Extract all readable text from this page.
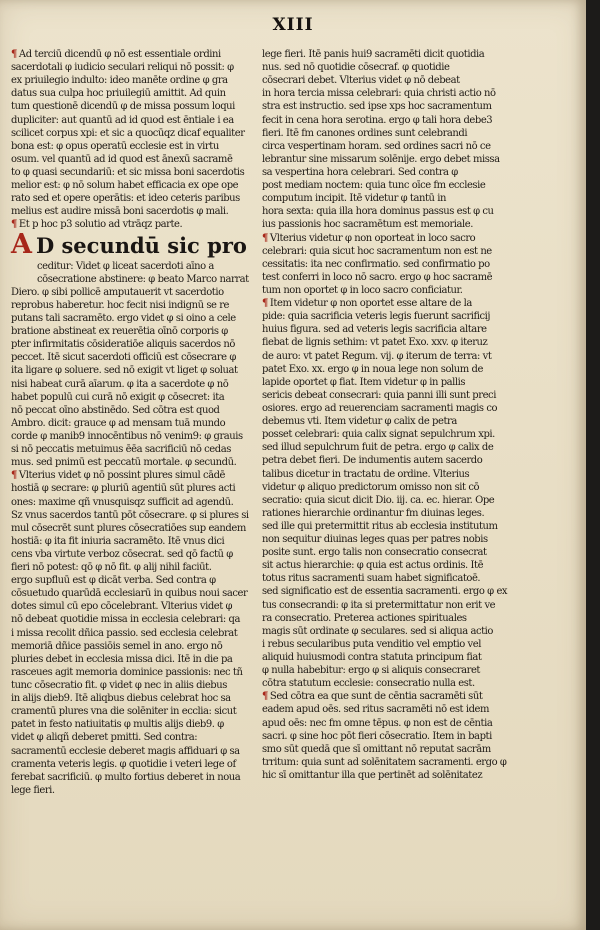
XIII
¶ Ad terciū dicendū φ nō est essentiale ordini
sacerdotali φ iudicio seculari reliqui nō possit: φ
ex priuilegio indulto: ideo manēte ordine φ gra
datus sua culpa hoc priuilegiū amittit. Ad quin
tum questionē dicendū φ de missa possum loqui
dupliciter: aut quantū ad id quod est ēntiale i ea
scilicet corpus xpi: et sic a quocūqz dicaf equaliter
bona est: φ opus operatū ecclesie est in virtu
osum. vel quantū ad id quod est ānexū sacramē
to φ quasi secundariū: et sic missa boni sacerdotis
melior est: φ nō solum habet efficacia ex ope ope
rato sed et opere operātis: et ideo ceteris paribus
melius est audire missā boni sacerdotis φ mali.
¶ Et p hoc p3 solutio ad vtrāqz parte.
A D secundū sic pro
ceditur: Videt φ liceat sacerdoti aīno a
cōsecratione abstinere: φ beato Marco narrat
Diero. φ sibi pollicē amputauerit vt sacerdotio
reprobus haberetur. hoc fecit nisi indignū se re
putans tali sacramēto. ergo videt φ si oino a cele
bratione abstineat ex reuerētia oīnō corporis φ
pter infirmitatis cōsideratiōe aliquis sacerdos nō
peccet. Itē sicut sacerdoti officiū est cōsecrare φ
ita ligare φ soluere. sed nō exigit vt liget φ soluat
nisi habeat curā aīarum. φ ita a sacerdote φ nō
habet populū cui curā nō exigit φ cōsecret: ita
nō peccat oīno abstinēdo. Sed cōtra est quod
Ambro. dicit: grauce φ ad mensam tuā mundo
corde φ manib9 innocēntibus nō venim9: φ grauis
si nō peccatis metuimus ēēa sacrificiū nō cedas
mus. sed pnimū est peccatū mortale. φ secundū.
¶ Vlterius videt φ nō possint plures simul cādē
hostiā φ secrare: φ pluriū agentiū sūt plures acti
ones: maxime qñ vnusquisqz sufficit ad agendū.
Sz vnus sacerdos tantū pōt cōsecrare. φ si plures si
mul cōsecrēt sunt plures cōsecratiōes sup eandem
hostiā: φ ita fit iniuria sacramēto. Itē vnus dici
cens vba virtute verboz cōsecrat. sed qō factū φ
fieri nō potest: qō φ nō fit. φ alij nihil faciūt.
ergo supfluū est φ dicāt verba. Sed contra φ
cōsuetudo quarūdā ecclesiarū in quibus noui sacer
dotes simul cū epo cōcelebrant. Vlterius videt φ
nō debeat quotidie missa in ecclesia celebrari: qa
i missa recolit dñica passio. sed ecclesia celebrat
memoriā dñice passiōis semel in ano. ergo nō
pluries debet in ecclesia missa dici. Itē in die pa
rasceues agit memoria dominice passionis: nec tñ
tunc cōsecratio fit. φ videt φ nec in aliis diebus
in alijs dieb9. Itē aliqbus diebus celebrat hoc sa
cramentū plures vna die solēniter in ecclia: sicut
patet in festo natiuitatis φ multis alijs dieb9. φ
videt φ aliqñ deberet pmitti. Sed contra:
sacramentū ecclesie deberet magis affiduari φ sa
cramenta veteris legis. φ quotidie i veteri lege of
ferebat sacrificiū. φ multo fortius deberet in noua
lege fieri.
lege fieri. Itē panis hui9 sacramēti dicit quotidia
nus. sed nō quotidie cōsecraf. φ quotidie
cōsecrari debet. Vlterius videt φ nō debeat
in hora tercia missa celebrari: quia christi actio nō
stra est instructio. sed ipse xps hoc sacramentum
fecit in cena hora serotina. ergo φ tali hora debe3
fieri. Itē fm canones ordines sunt celebrandi
circa vespertinam horam. sed ordines sacri nō ce
lebrantur sine missarum solēnije. ergo debet missa
sa vespertina hora celebrari. Sed contra φ
post mediam noctem: quia tunc oīce fm ecclesie
computum incipit. Itē videtur φ tantū in
hora sexta: quia illa hora dominus passus est φ cu
ius passionis hoc sacramētum est memoriale.
¶ Vlterius videtur φ non oporteat in loco sacro
celebrari: quia sicut hoc sacramentum non est ne
cessitatis: ita nec confirmatio. sed confirmatio po
test conferri in loco nō sacro. ergo φ hoc sacramē
tum non oportet φ in loco sacro conficiatur.
¶ Item videtur φ non oportet esse altare de la
pide: quia sacrificia veteris legis fuerunt sacrificij
huius figura. sed ad veteris legis sacrificia altare
fiebat de lignis sethim: vt patet Exo. xxv. φ iteruz
de auro: vt patet Regum. vij. φ iterum de terra: vt
patet Exo. xx. ergo φ in noua lege non solum de
lapide oportet φ fiat. Item videtur φ in pallis
sericis debeat consecrari: quia panni illi sunt preci
osiores. ergo ad reuerenciam sacramenti magis co
debemus vti. Item videtur φ calix de petra
posset celebrari: quia calix signat sepulchrum xpi.
sed illud sepulchrum fuit de petra. ergo φ calix de
petra debet fieri. De indumentis autem sacerdo
talibus dicetur in tractatu de ordine. Vlterius
videtur φ aliquo predictorum omisso non sit cō
secratio: quia sicut dicit Dio. iij. ca. ec. hierar. Ope
rationes hierarchie ordinantur fm diuinas leges.
sed ille qui pretermittit ritus ab ecclesia institutum
non sequitur diuinas leges quas per patres nobis
posite sunt. ergo talis non consecratio consecrat
sit actus hierarchie: φ quia est actus ordinis. Itē
totus ritus sacramenti suam habet significatoē.
sed significatio est de essentia sacramenti. ergo φ ex
tus consecrandi: φ ita si pretermittatur non erit ve
ra consecratio. Preterea actiones spirituales
magis sūt ordinate φ seculares. sed si aliqua actio
i rebus secularibus puta venditio vel emptio vel
aliquid huiusmodi contra statuta principum fiat
φ nulla habebitur: ergo φ si aliquis consecraret
cōtra statutum ecclesie: consecratio nulla est.
¶ Sed cōtra ea que sunt de cēntia sacramēti sūt
eadem apud oēs. sed ritus sacramēti nō est idem
apud oēs: nec fm omne tēpus. φ non est de cēntia
sacri. φ sine hoc pōt fieri cōsecratio. Item in bapti
smo sūt quedā que sī omittant nō reputat sacrām
trritum: quia sunt ad solēnitatem sacramenti. ergo φ
hic sī omittantur illa que pertinēt ad solēnitatez
